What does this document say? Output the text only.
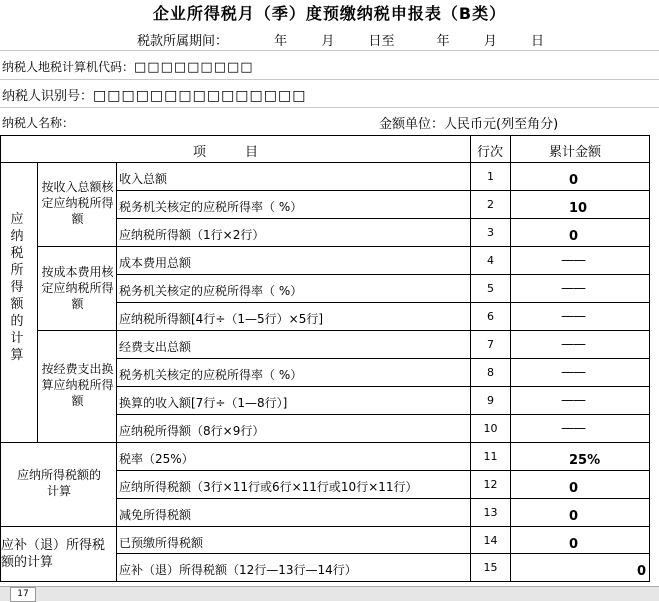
企业所得税月（季）度预缴纳税申报表（B类）
税款所属期间：	年	月	日至	年	月	日
纳税人地税计算机代码：□□□□□□□□□
纳税人识别号：□□□□□□□□□□□□□□□
纳税人名称：	金额单位：人民币元(列至角分)
项　　　目	行次	累计金额
应纳税所得额的计算
按收入总额核定应纳税所得额
按成本费用核定应纳税所得额
按经费支出换算应纳税所得额
应纳所得税额的计算
应补（退）所得税额的计算
收入总额	1	0
税务机关核定的应税所得率（ %）	2	10
应纳税所得额（1行×2行）	3	0
成本费用总额	4	——
税务机关核定的应税所得率（ %）	5	——
应纳税所得额[4行÷（1—5行）×5行]	6	——
经费支出总额	7	——
税务机关核定的应税所得率（ %）	8	——
换算的收入额[7行÷（1—8行）]	9	——
应纳税所得额（8行×9行）	10	——
税率（25%）	11	25%
应纳所得税额（3行×11行或6行×11行或10行×11行）	12	0
减免所得税额	13	0
已预缴所得税额	14	0
应补（退）所得税额（12行—13行—14行）	15	0
17
